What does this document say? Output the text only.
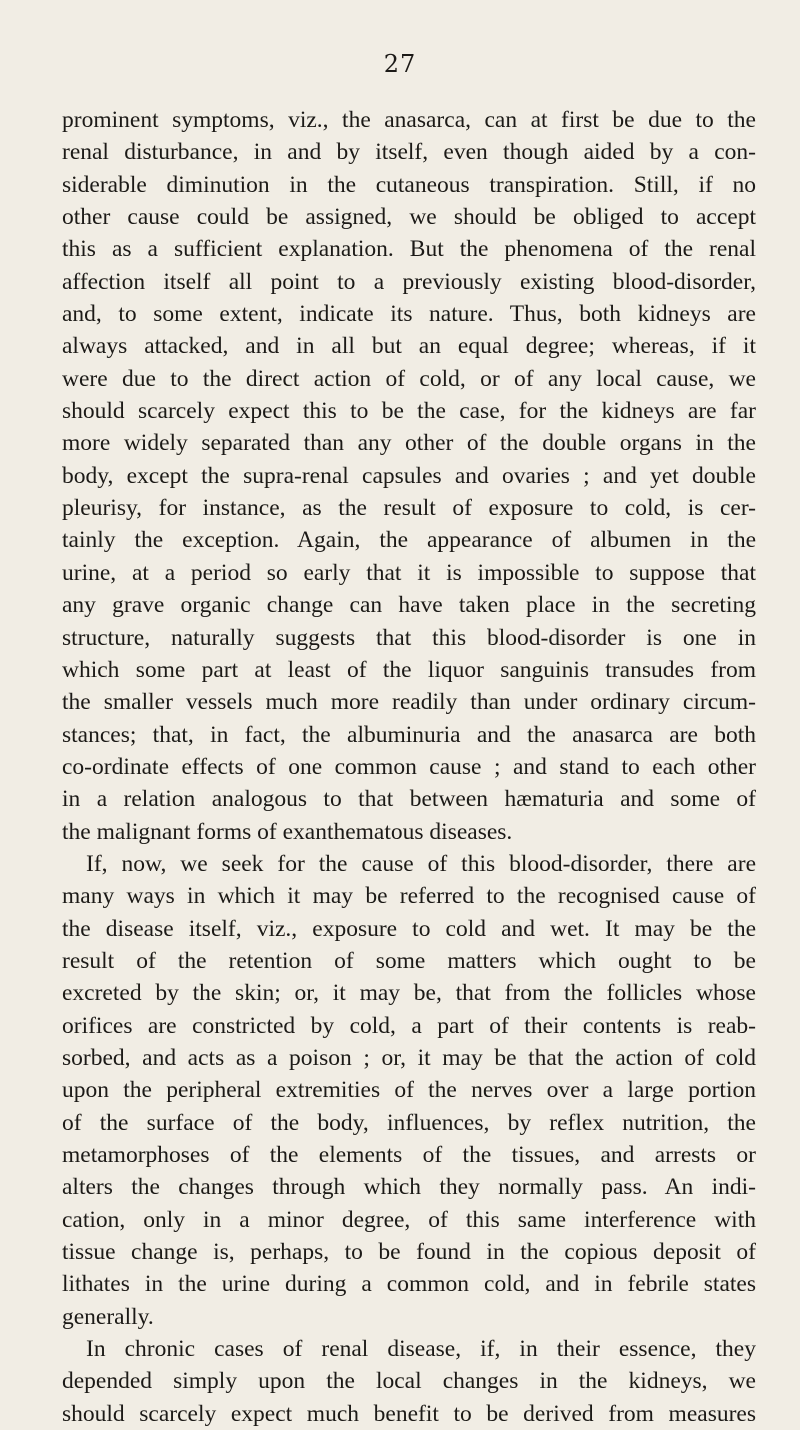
27
prominent symptoms, viz., the anasarca, can at first be due to the
renal disturbance, in and by itself, even though aided by a con-
siderable diminution in the cutaneous transpiration. Still, if no
other cause could be assigned, we should be obliged to accept
this as a sufficient explanation. But the phenomena of the renal
affection itself all point to a previously existing blood-disorder,
and, to some extent, indicate its nature. Thus, both kidneys are
always attacked, and in all but an equal degree; whereas, if it
were due to the direct action of cold, or of any local cause, we
should scarcely expect this to be the case, for the kidneys are far
more widely separated than any other of the double organs in the
body, except the supra-renal capsules and ovaries ; and yet double
pleurisy, for instance, as the result of exposure to cold, is cer-
tainly the exception. Again, the appearance of albumen in the
urine, at a period so early that it is impossible to suppose that
any grave organic change can have taken place in the secreting
structure, naturally suggests that this blood-disorder is one in
which some part at least of the liquor sanguinis transudes from
the smaller vessels much more readily than under ordinary circum-
stances; that, in fact, the albuminuria and the anasarca are both
co-ordinate effects of one common cause ; and stand to each other
in a relation analogous to that between hæmaturia and some of
the malignant forms of exanthematous diseases.
If, now, we seek for the cause of this blood-disorder, there are
many ways in which it may be referred to the recognised cause of
the disease itself, viz., exposure to cold and wet. It may be the
result of the retention of some matters which ought to be
excreted by the skin; or, it may be, that from the follicles whose
orifices are constricted by cold, a part of their contents is reab-
sorbed, and acts as a poison ; or, it may be that the action of cold
upon the peripheral extremities of the nerves over a large portion
of the surface of the body, influences, by reflex nutrition, the
metamorphoses of the elements of the tissues, and arrests or
alters the changes through which they normally pass. An indi-
cation, only in a minor degree, of this same interference with
tissue change is, perhaps, to be found in the copious deposit of
lithates in the urine during a common cold, and in febrile states
generally.
In chronic cases of renal disease, if, in their essence, they
depended simply upon the local changes in the kidneys, we
should scarcely expect much benefit to be derived from measures
